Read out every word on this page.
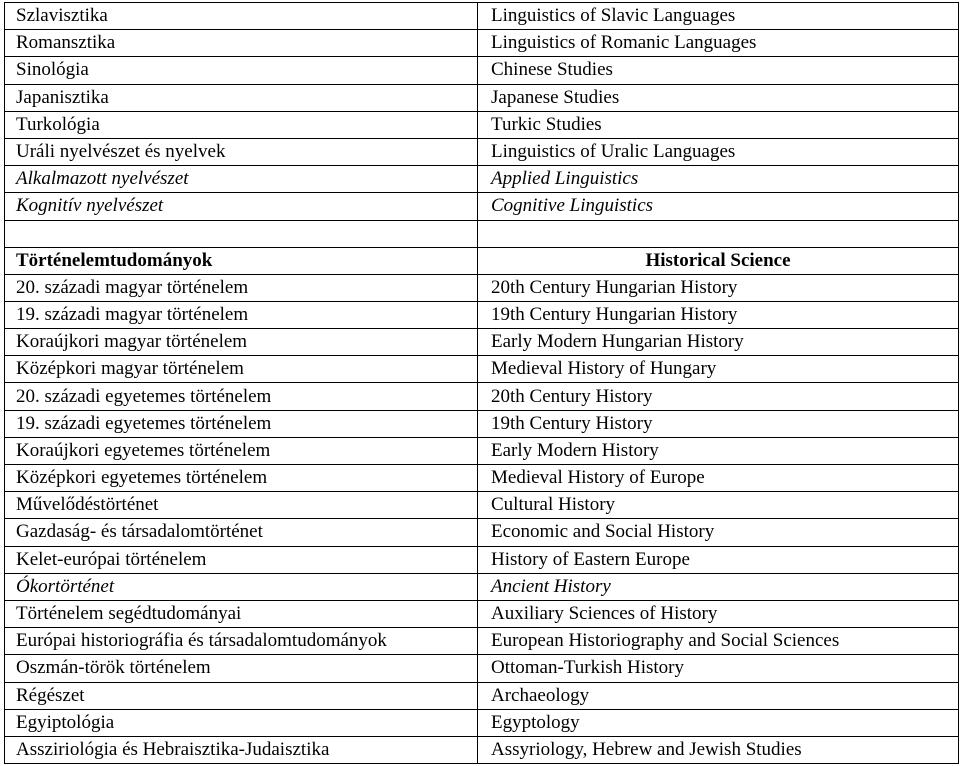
Szlavisztika	Linguistics of Slavic Languages
Romansztika	Linguistics of Romanic Languages
Sinológia	Chinese Studies
Japanisztika	Japanese Studies
Turkológia	Turkic Studies
Uráli nyelvészet és nyelvek	Linguistics of Uralic Languages
Alkalmazott nyelvészet	Applied Linguistics
Kognitív nyelvészet	Cognitive Linguistics

Történelemtudományok	Historical Science
20. századi magyar történelem	20th Century Hungarian History
19. századi magyar történelem	19th Century Hungarian History
Koraújkori magyar történelem	Early Modern Hungarian History
Középkori magyar történelem	Medieval History of Hungary
20. századi egyetemes történelem	20th Century History
19. századi egyetemes történelem	19th Century History
Koraújkori egyetemes történelem	Early Modern History
Középkori egyetemes történelem	Medieval History of Europe
Művelődéstörténet	Cultural History
Gazdaság- és társadalomtörténet	Economic and Social History
Kelet-európai történelem	History of Eastern Europe
Ókortörténet	Ancient History
Történelem segédtudományai	Auxiliary Sciences of History
Európai historiográfia és társadalomtudományok	European Historiography and Social Sciences
Oszmán-török történelem	Ottoman-Turkish History
Régészet	Archaeology
Egyiptológia	Egyptology
Assziriológia és Hebraisztika-Judaisztika	Assyriology, Hebrew and Jewish Studies
